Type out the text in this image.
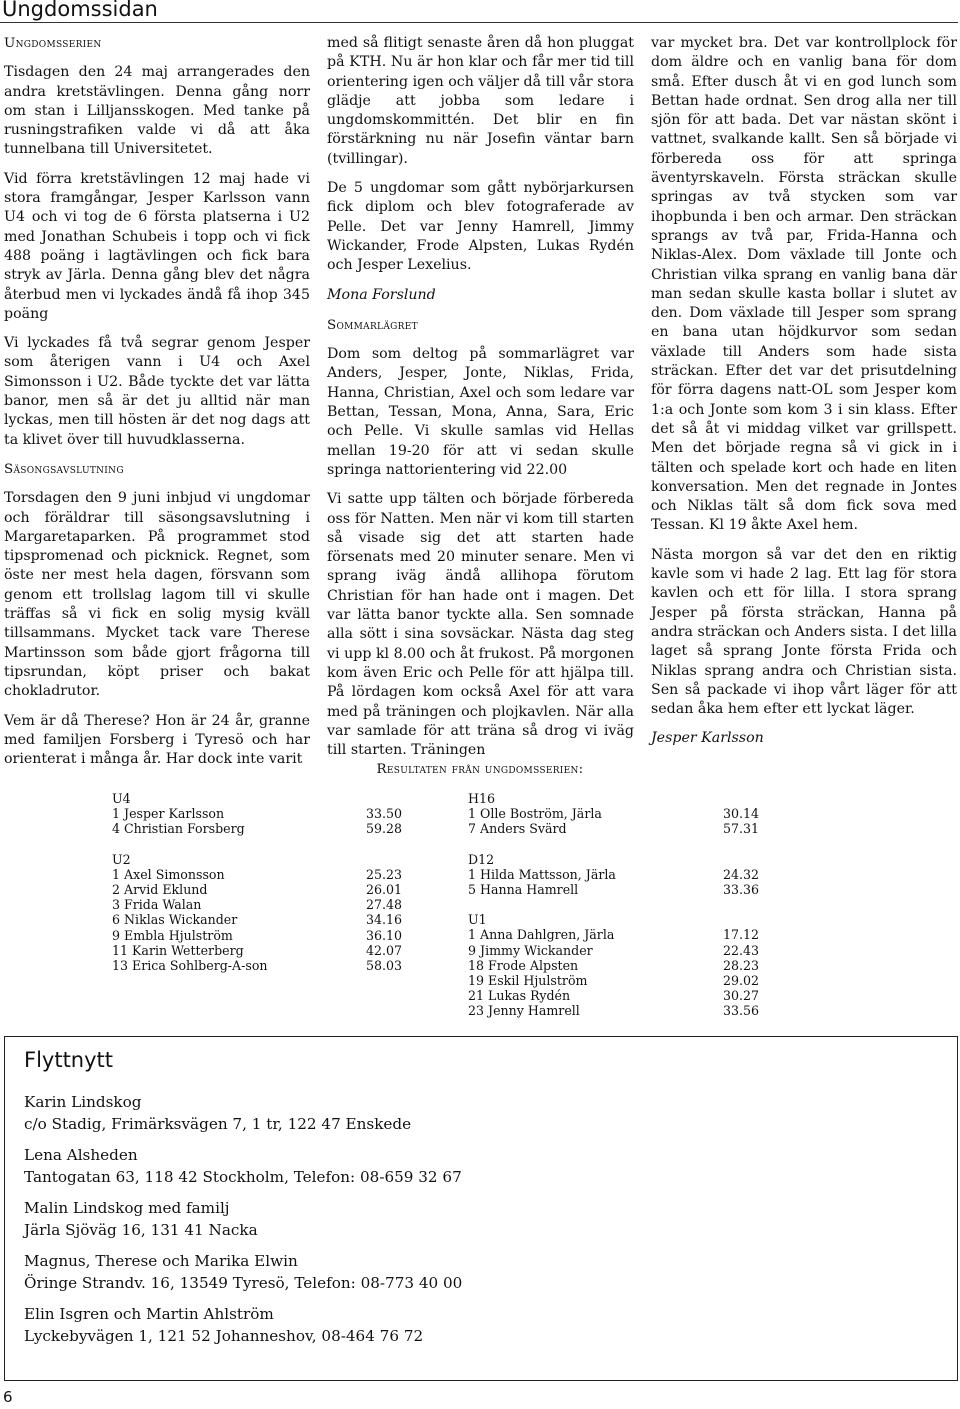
Ungdomssidan
Ungdomsserien

Tisdagen den 24 maj arrangerades den andra kretstävlingen. Denna gång norr om stan i Lilljansskogen. Med tanke på rusningstrafiken valde vi då att åka tunnelbana till Universitetet.

Vid förra kretstävlingen 12 maj hade vi stora framgångar, Jesper Karlsson vann U4 och vi tog de 6 första platserna i U2 med Jonathan Schubeis i topp och vi fick 488 poäng i lagtävlingen och fick bara stryk av Järla. Denna gång blev det några återbud men vi lyckades ändå få ihop 345 poäng

Vi lyckades få två segrar genom Jesper som återigen vann i U4 och Axel Simonsson i U2. Både tyckte det var lätta banor, men så är det ju alltid när man lyckas, men till hösten är det nog dags att ta klivet över till huvudklasserna.

Säsongsavslutning

Torsdagen den 9 juni inbjud vi ungdomar och föräldrar till säsongsavslutning i Margaretaparken. På programmet stod tipspromenad och picknick. Regnet, som öste ner mest hela dagen, försvann som genom ett trollslag lagom till vi skulle träffas så vi fick en solig mysig kväll tillsammans. Mycket tack vare Therese Martinsson som både gjort frågorna till tipsrundan, köpt priser och bakat chokladrutor.

Vem är då Therese? Hon är 24 år, granne med familjen Forsberg i Tyresö och har orienterat i många år. Har dock inte varit

med så flitigt senaste åren då hon pluggat på KTH. Nu är hon klar och får mer tid till orientering igen och väljer då till vår stora glädje att jobba som ledare i ungdomskommittén. Det blir en fin förstärkning nu när Josefin väntar barn (tvillingar).

De 5 ungdomar som gått nybörjarkursen fick diplom och blev fotograferade av Pelle. Det var Jenny Hamrell, Jimmy Wickander, Frode Alpsten, Lukas Rydén och Jesper Lexelius.

Mona Forslund
Sommarlägret

Dom som deltog på sommarlägret var Anders, Jesper, Jonte, Niklas, Frida, Hanna, Christian, Axel och som ledare var Bettan, Tessan, Mona, Anna, Sara, Eric och Pelle. Vi skulle samlas vid Hellas mellan 19-20 för att vi sedan skulle springa nattorientering vid 22.00

Vi satte upp tälten och började förbereda oss för Natten. Men när vi kom till starten så visade sig det att starten hade försenats med 20 minuter senare. Men vi sprang iväg ändå allihopa förutom Christian för han hade ont i magen. Det var lätta banor tyckte alla. Sen somnade alla sött i sina sovsäckar. Nästa dag steg vi upp kl 8.00 och åt frukost. På morgonen kom även Eric och Pelle för att hjälpa till. På lördagen kom också Axel för att vara med på träningen och plojkavlen. När alla var samlade för att träna så drog vi iväg till starten. Träningen

var mycket bra. Det var kontrollplock för dom äldre och en vanlig bana för dom små. Efter dusch åt vi en god lunch som Bettan hade ordnat. Sen drog alla ner till sjön för att bada. Det var nästan skönt i vattnet, svalkande kallt. Sen så började vi förbereda oss för att springa äventyrskaveln. Första sträckan skulle springas av två stycken som var ihopbunda i ben och armar. Den sträckan sprangs av två par, Frida-Hanna och Niklas-Alex. Dom växlade till Jonte och Christian vilka sprang en vanlig bana där man sedan skulle kasta bollar i slutet av den. Dom växlade till Jesper som sprang en bana utan höjdkurvor som sedan växlade till Anders som hade sista sträckan. Efter det var det prisutdelning för förra dagens natt-OL som Jesper kom 1:a och Jonte som kom 3 i sin klass. Efter det så åt vi middag vilket var grillspett. Men det började regna så vi gick in i tälten och spelade kort och hade en liten konversation. Men det regnade in Jontes och Niklas tält så dom fick sova med Tessan. Kl 19 åkte Axel hem.

Nästa morgon så var det den en riktig kavle som vi hade 2 lag. Ett lag för stora kavlen och ett för lilla. I stora sprang Jesper på första sträckan, Hanna på andra sträckan och Anders sista. I det lilla laget så sprang Jonte första Frida och Niklas sprang andra och Christian sista. Sen så packade vi ihop vårt läger för att sedan åka hem efter ett lyckat läger.

Jesper Karlsson
Resultaten från ungdomsserien:
U4
1 Jesper Karlsson	33.50
4 Christian Forsberg	59.28
U2
1 Axel Simonsson	25.23
2 Arvid Eklund	26.01
3 Frida Walan	27.48
6 Niklas Wickander	34.16
9 Embla Hjulström	36.10
11 Karin Wetterberg	42.07
13 Erica Sohlberg-A-son	58.03
H16
1 Olle Boström, Järla	30.14
7 Anders Svärd	57.31
D12
1 Hilda Mattsson, Järla	24.32
5 Hanna Hamrell	33.36
U1
1 Anna Dahlgren, Järla	17.12
9 Jimmy Wickander	22.43
18 Frode Alpsten	28.23
19 Eskil Hjulström	29.02
21 Lukas Rydén	30.27
23 Jenny Hamrell	33.56
Flyttnytt
Karin Lindskog
c/o Stadig, Frimärksvägen 7, 1 tr, 122 47 Enskede
Lena Alsheden
Tantogatan 63, 118 42 Stockholm, Telefon: 08-659 32 67
Malin Lindskog med familj
Järla Sjöväg 16, 131 41 Nacka
Magnus, Therese och Marika Elwin
Öringe Strandv. 16, 13549 Tyresö, Telefon: 08-773 40 00
Elin Isgren och Martin Ahlström
Lyckebyvägen 1, 121 52 Johanneshov, 08-464 76 72
6
